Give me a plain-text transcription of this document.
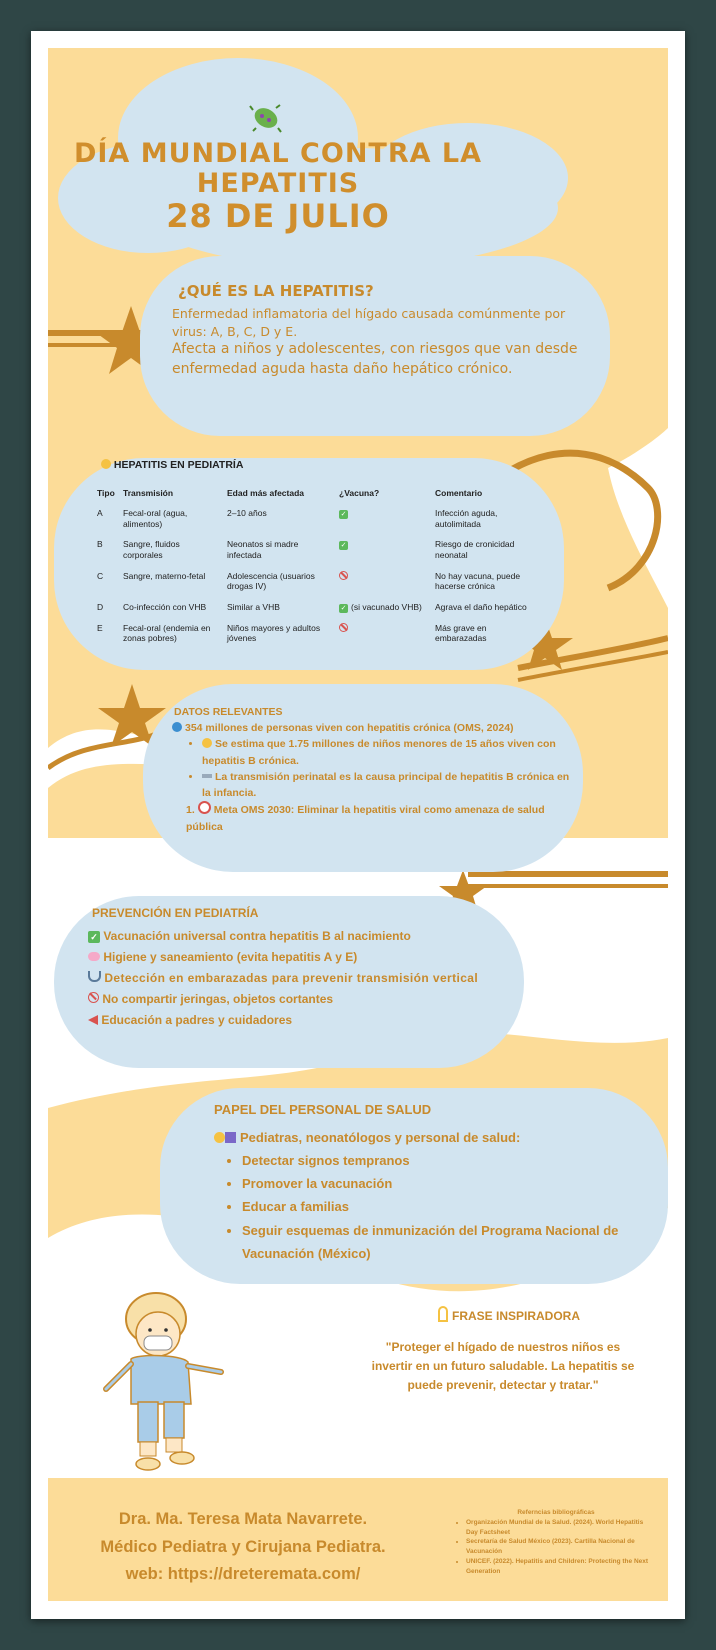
DÍA MUNDIAL CONTRA LA
HEPATITIS
28 DE JULIO
¿QUÉ ES LA HEPATITIS?
Enfermedad inflamatoria del hígado causada comúnmente por virus: A, B, C, D y E.
Afecta a niños y adolescentes, con riesgos que van desde enfermedad aguda hasta daño hepático crónico.
HEPATITIS EN PEDIATRÍA
Tipo	Transmisión	Edad más afectada	¿Vacuna?	Comentario
A	Fecal-oral (agua, alimentos)	2–10 años	✓	Infección aguda, autolimitada
B	Sangre, fluidos corporales	Neonatos si madre infectada	✓	Riesgo de cronicidad neonatal
C	Sangre, materno-fetal	Adolescencia (usuarios drogas IV)		No hay vacuna, puede hacerse crónica
D	Co-infección con VHB	Similar a VHB	✓ (si vacunado VHB)	Agrava el daño hepático
E	Fecal-oral (endemia en zonas pobres)	Niños mayores y adultos jóvenes		Más grave en embarazadas
DATOS RELEVANTES
354 millones de personas viven con hepatitis crónica (OMS, 2024)
• Se estima que 1.75 millones de niños menores de 15 años viven con hepatitis B crónica.
• La transmisión perinatal es la causa principal de hepatitis B crónica en la infancia.
1. Meta OMS 2030: Eliminar la hepatitis viral como amenaza de salud pública
PREVENCIÓN EN PEDIATRÍA
✓ Vacunación universal contra hepatitis B al nacimiento
Higiene y saneamiento (evita hepatitis A y E)
Detección en embarazadas para prevenir transmisión vertical
No compartir jeringas, objetos cortantes
Educación a padres y cuidadores
PAPEL DEL PERSONAL DE SALUD
Pediatras, neonatólogos y personal de salud:
• Detectar signos tempranos
• Promover la vacunación
• Educar a familias
• Seguir esquemas de inmunización del Programa Nacional de Vacunación (México)
FRASE INSPIRADORA
"Proteger el hígado de nuestros niños es invertir en un futuro saludable. La hepatitis se puede prevenir, detectar y tratar."
Dra. Ma. Teresa Mata Navarrete.
Médico Pediatra y Cirujana Pediatra.
web: https://dreteremata.com/
Referncias bibliográficas
• Organización Mundial de la Salud. (2024). World Hepatitis Day Factsheet
• Secretaría de Salud México (2023). Cartilla Nacional de Vacunación
• UNICEF. (2022). Hepatitis and Children: Protecting the Next Generation
